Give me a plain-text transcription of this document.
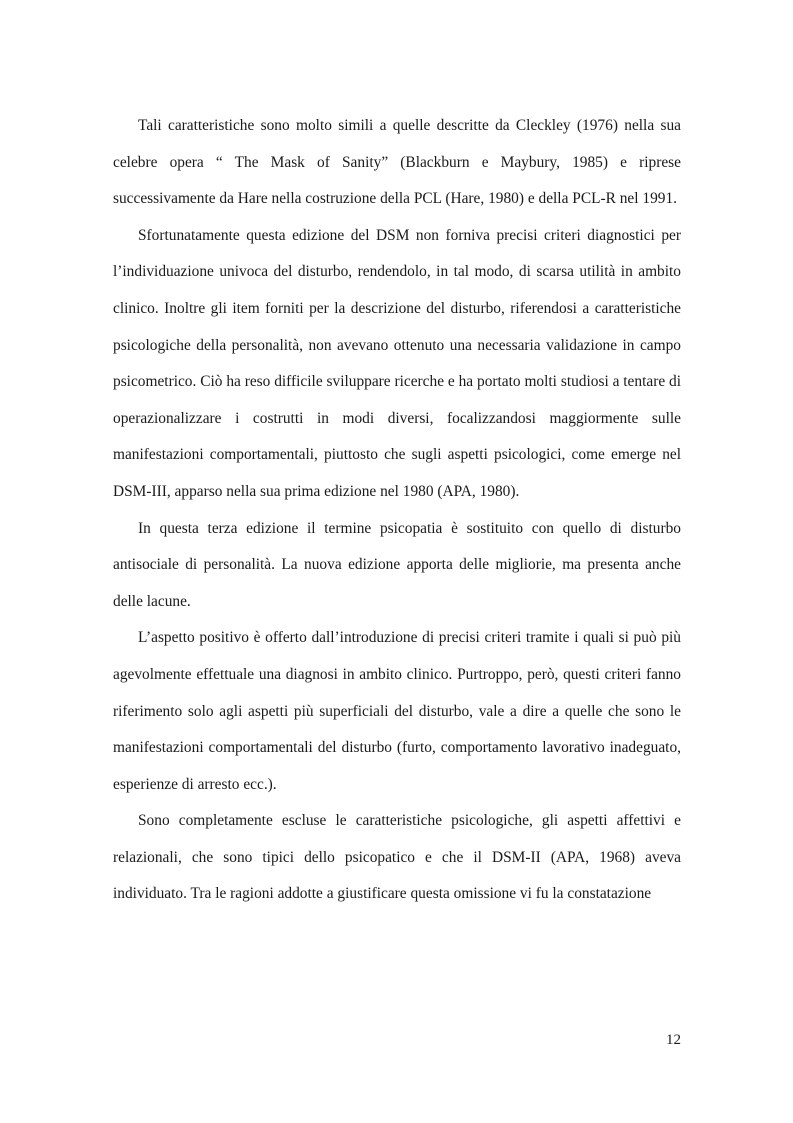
Tali caratteristiche sono molto simili a quelle descritte da Cleckley (1976) nella sua celebre opera “ The Mask of Sanity” (Blackburn e Maybury, 1985) e riprese successivamente da Hare nella costruzione della PCL (Hare, 1980) e della PCL-R nel 1991.

Sfortunatamente questa edizione del DSM non forniva precisi criteri diagnostici per l’individuazione univoca del disturbo, rendendolo, in tal modo, di scarsa utilità in ambito clinico. Inoltre gli item forniti per la descrizione del disturbo, riferendosi a caratteristiche psicologiche della personalità, non avevano ottenuto una necessaria validazione in campo psicometrico. Ciò ha reso difficile sviluppare ricerche e ha portato molti studiosi a tentare di operazionalizzare i costrutti in modi diversi, focalizzandosi maggiormente sulle manifestazioni comportamentali, piuttosto che sugli aspetti psicologici, come emerge nel DSM-III, apparso nella sua prima edizione nel 1980 (APA, 1980).

In questa terza edizione il termine psicopatia è sostituito con quello di disturbo antisociale di personalità. La nuova edizione apporta delle migliorie, ma presenta anche delle lacune.

L’aspetto positivo è offerto dall’introduzione di precisi criteri tramite i quali si può più agevolmente effettuale una diagnosi in ambito clinico. Purtroppo, però, questi criteri fanno riferimento solo agli aspetti più superficiali del disturbo, vale a dire a quelle che sono le manifestazioni comportamentali del disturbo (furto, comportamento lavorativo inadeguato, esperienze di arresto ecc.).

Sono completamente escluse le caratteristiche psicologiche, gli aspetti affettivi e relazionali, che sono tipici dello psicopatico e che il DSM-II (APA, 1968) aveva individuato. Tra le ragioni addotte a giustificare questa omissione vi fu la constatazione

12
